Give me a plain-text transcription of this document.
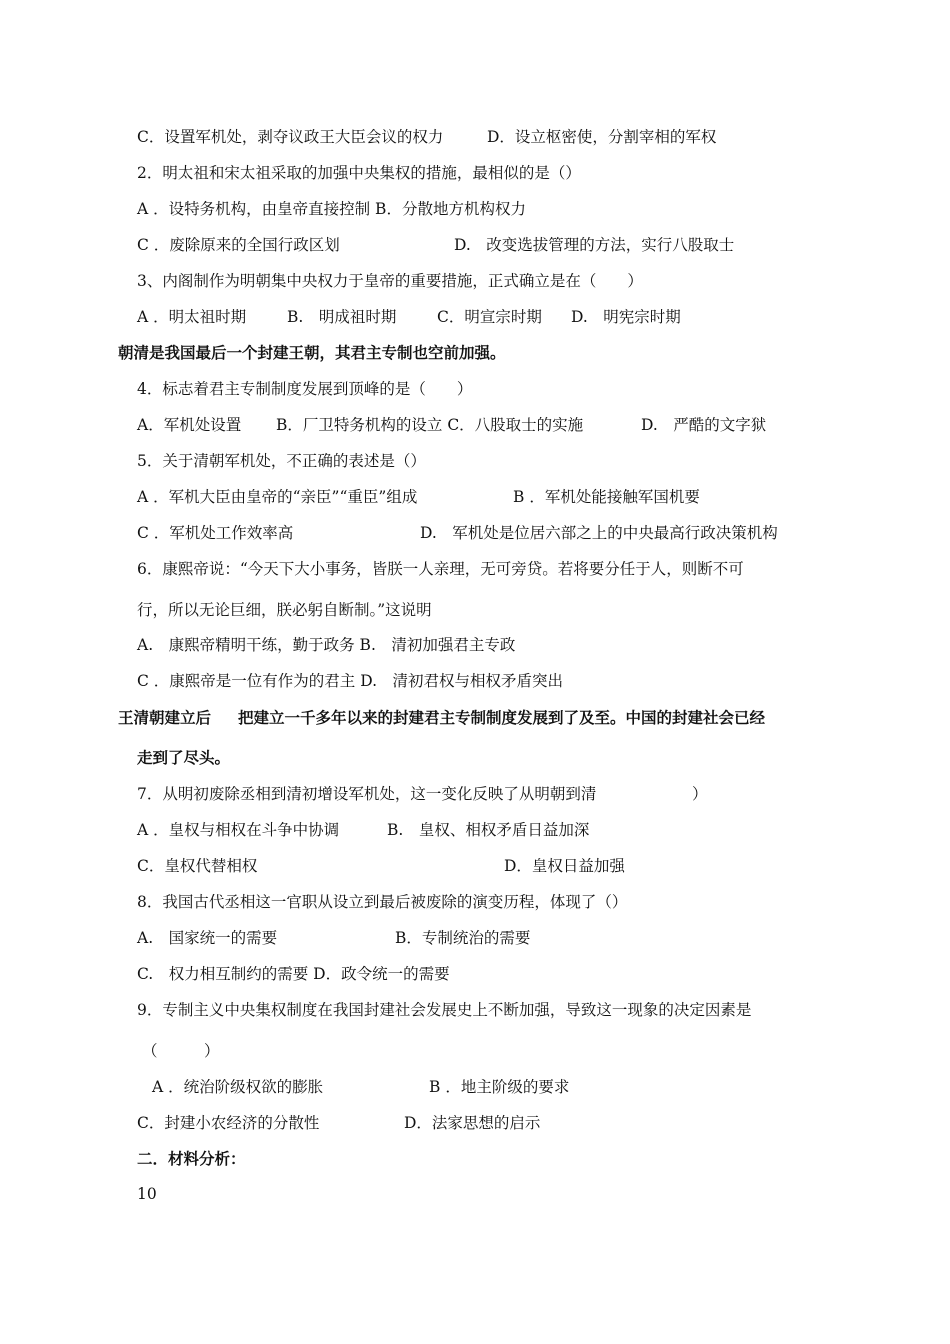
C．设置军机处，剥夺议政王大臣会议的权力	D．设立枢密使，分割宰相的军权
2．明太祖和宋太祖采取的加强中央集权的措施，最相似的是（）
A ．设特务机构，由皇帝直接控制 B．分散地方机构权力
C ．废除原来的全国行政区划	D.　改变选拔管理的方法，实行八股取士
3、内阁制作为明朝集中央权力于皇帝的重要措施，正式确立是在（　　）
A ．明太祖时期	B.　明成祖时期	C．明宣宗时期 D.　明宪宗时期
朝清是我国最后一个封建王朝，其君主专制也空前加强。
4．标志着君主专制制度发展到顶峰的是（　　）
A．军机处设置 B．厂卫特务机构的设立 C．八股取士的实施	D.　严酷的文字狱
5．关于清朝军机处，不正确的表述是（）
A ．军机大臣由皇帝的“亲臣”“重臣”组成	B ．军机处能接触军国机要
C ．军机处工作效率高	D.　军机处是位居六部之上的中央最高行政决策机构
6．康熙帝说：“今天下大小事务，皆朕一人亲理，无可旁贷。若将要分任于人，则断不可
行，所以无论巨细，朕必躬自断制。”这说明
A.　康熙帝精明干练，勤于政务 B.　清初加强君主专政
C ．康熙帝是一位有作为的君主 D.　清初君权与相权矛盾突出
王清朝建立后 把建立一千多年以来的封建君主专制制度发展到了及至。中国的封建社会已经
走到了尽头。
7．从明初废除丞相到清初增设军机处，这一变化反映了从明朝到清	）
A ．皇权与相权在斗争中协调	B.　皇权、相权矛盾日益加深
C．皇权代替相权	D．皇权日益加强
8．我国古代丞相这一官职从设立到最后被废除的演变历程，体现了（）
A.　国家统一的需要	B．专制统治的需要
C.　权力相互制约的需要 D．政令统一的需要
9．专制主义中央集权制度在我国封建社会发展史上不断加强，导致这一现象的决定因素是
（　　　）
A ．统治阶级权欲的膨胀	B ．地主阶级的要求
C．封建小农经济的分散性	D．法家思想的启示
二．材料分析：
10
